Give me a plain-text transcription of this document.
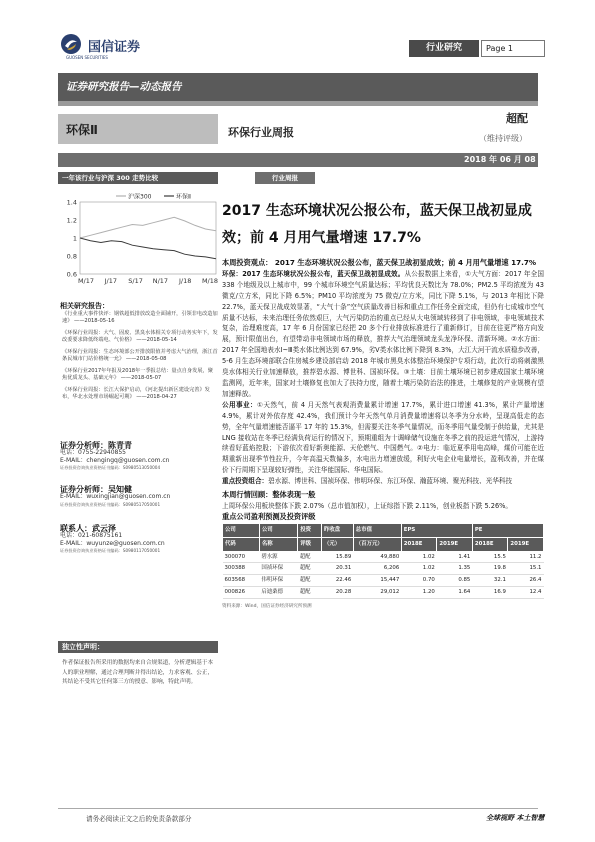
国信证券
GUOSEN SECURITIES
行业研究	Page 1
证券研究报告—动态报告
环保Ⅱ	环保行业周报
超配
（维持评级）
2018 年 06 月 08 日
一年该行业与沪深 300 走势比较
1.4
1.2
1
0.8
0.6
M/17 J/17 S/17 N/17 J/18 M/18
沪深300	环保Ⅱ
相关研究报告：
《行业重大事件快评：钢铁超低排放改造全面铺开，引领非电改造加速》 ——2018-05-16
《环保行业周报：大气、固废、黑臭水体相关专项行动务实年下，发改委要求降低终端电、气价格》 ——2018-05-14
《环保行业周报：生态环境部公开排放限值并考虑大气治理，浙江首条民城市门站价格统一允》 ——2018-05-08
《环保行业2017年年报及2018年一季报总结：量点自身发展，聚焦优质龙头、基础元年》 ——2018-05-07
《环保行业周报：长江大保护启动，《河北提出新区建设完善》发布，华北水处理市场崛起可期》 ——2018-04-27
证券分析师：陈青青
电话：0755-22940855
E-MAIL：chengingq@guosen.com.cn
证券投资咨询执业资格证书编码：S0980513050004
证券分析师：吴知健
E-MAIL：wuxingjian@guosen.com.cn
证券投资咨询执业资格证书编码：S0980517050001
联系人：武云泽
电话：021-60875161
E-MAIL：wuyunze@guosen.com.cn
证券投资咨询执业资格证书编码：S0980117050001
独立性声明：
作者保证报告所采用的数据均来自合规渠道，分析逻辑基于本人的职业理解，通过合理判断并得出结论，力求客观、公正，其结论不受其它任何第三方的授意、影响，特此声明。
行业周报
2017 生态环境状况公报公布，蓝天保卫战初显成效；前 4 月用气量增速 17.7%
本周投资观点： 2017 生态环境状况公报公布，蓝天保卫战初显成效；前 4 月用气量增速 17.7%

环保：2017 生态环境状况公报公布，蓝天保卫战初显成效。从公报数据上来看，①大气方面：2017 年全国 338 个地级及以上城市中，99 个城市环境空气质量达标；平均优良天数比为 78.0%；PM2.5 平均浓度为 43 微克/立方米，同比下降 6.5%；PM10 平均浓度为 75 微克/立方米，同比下降 5.1%，与 2013 年相比下降 22.7%，蓝天保卫战成效显著，“大气十条”空气质量改善目标和重点工作任务全面完成，但仍有七成城市空气质量不达标，未来治理任务依然艰巨，大气污染防治的重点已经从大电领域转移到了非电领域，非电领域技术复杂，治理难度高，17 年 6 月份国家已经把 20 多个行业排放标准进行了重新修订，目前在往更严格方向发展，预计限值出台，有望带动非电领域市场的释放，推荐大气治理领域龙头龙净环保、清新环境。②水方面：2017 年全国地表水Ⅰ~Ⅲ类水体比例达到 67.9%，劣Ⅴ类水体比例下降到 8.3%，大江大河干流水质稳步改善，5-6 月生态环境部联合住房城乡建设部启动 2018 年城市黑臭水体整治环境保护专项行动，此次行动将刺激黑臭水体相关行业加速释放，推荐碧水源、博世科、国祯环保。③土壤：目前土壤环境已初步建成国家土壤环境监测网，近年来，国家对土壤修复也加大了扶持力度，随着土壤污染防治法的推进，土壤修复的产业规模有望加速释放。

公用事业：①天然气，前 4 月天然气表观消费量累计增速 17.7%，累计进口增速 41.3%，累计产量增速 4.9%，累计对外依存度 42.4%，我们预计今年天然气单月消费量增速将以冬季为分水岭，呈现高低走的态势，全年气量增速能否逼平 17 年的 15.3%，但需要关注冬季气量情况，而冬季用气量受制于供给量，尤其是 LNG 接收站在冬季已经满负荷运行的情况下，预期重组为十调峰储气设施在冬季之前的投运进气情况，上游持续看好蓝焰控股；下游依次看好新奥能源、天伦燃气、中国燃气。②电力：临近夏季用电高峰，煤价可能在近期重新出现季节性拉升，今年高温天数偏多，水电出力增速放缓，利好火电企业电量增长，盈利改善，并在煤价下行周期下呈现较好弹性，关注华能国际、华电国际。

重点投资组合：碧水源、博世科、国祯环保、伟明环保、东江环保、瀚蓝环境、聚光科技、光华科技

本周行情回顾：整体表现一般

上周环保公用板块整体下跌 2.07%（总市值加权），上证综指下跌 2.11%，创业板指下跌 5.26%。

重点公司盈利预测及投资评级
公司	公司	投资	昨收盘	总市值	EPS		PE	
代码	名称	评级	（元）	（百万元）	2018E	2019E	2018E	2019E
300070	碧水源	超配	15.89	49,880	1.02	1.41	15.5	11.2
300388	国祯环保	超配	20.31	6,206	1.02	1.35	19.8	15.1
603568	伟明环保	超配	22.46	15,447	0.70	0.85	32.1	26.4
000826	启迪桑德	超配	20.28	29,012	1.20	1.64	16.9	12.4
资料来源：Wind，国信证券经济研究所预测
请务必阅读正文之后的免责条款部分	全球视野 本土智慧
